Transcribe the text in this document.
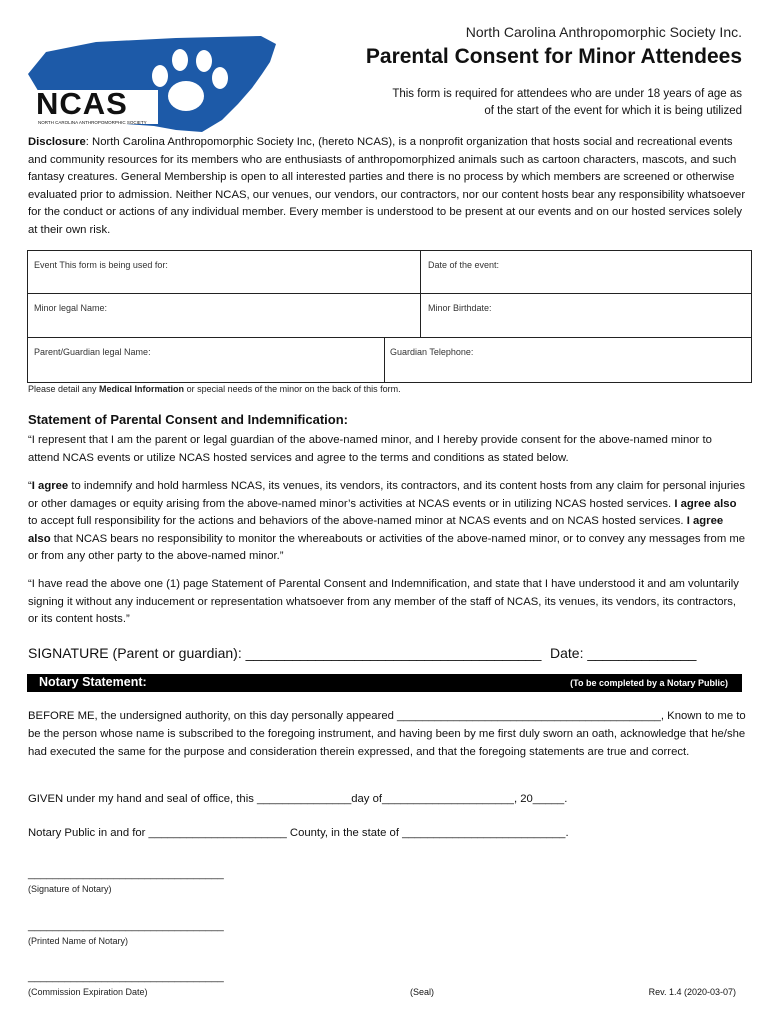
NCAS
NORTH CAROLINA ANTHROPOMORPHIC SOCIETY
North Carolina Anthropomorphic Society Inc.
Parental Consent for Minor Attendees
This form is required for attendees who are under 18 years of age as
of the start of the event for which it is being utilized
Disclosure: North Carolina Anthropomorphic Society Inc, (hereto NCAS), is a nonprofit organization that hosts social and recreational events and community resources for its members who are enthusiasts of anthropomorphized animals such as cartoon characters, mascots, and such fantasy creatures. General Membership is open to all interested parties and there is no process by which members are screened or otherwise evaluated prior to admission. Neither NCAS, our venues, our vendors, our contractors, nor our content hosts bear any responsibility whatsoever for the conduct or actions of any individual member. Every member is understood to be present at our events and on our hosted services solely at their own risk.
Event This form is being used for:	Date of the event:
Minor legal Name:	Minor Birthdate:
Parent/Guardian legal Name:	Guardian Telephone:
Please detail any Medical Information or special needs of the minor on the back of this form.
Statement of Parental Consent and Indemnification:
“I represent that I am the parent or legal guardian of the above-named minor, and I hereby provide consent for the above-named minor to attend NCAS events or utilize NCAS hosted services and agree to the terms and conditions as stated below.
“I agree to indemnify and hold harmless NCAS, its venues, its vendors, its contractors, and its content hosts from any claim for personal injuries or other damages or equity arising from the above-named minor’s activities at NCAS events or in utilizing NCAS hosted services. I agree also to accept full responsibility for the actions and behaviors of the above-named minor at NCAS events and on NCAS hosted services. I agree also that NCAS bears no responsibility to monitor the whereabouts or activities of the above-named minor, or to convey any messages from me or from any other party to the above-named minor.”
“I have read the above one (1) page Statement of Parental Consent and Indemnification, and state that I have understood it and am voluntarily signing it without any inducement or representation whatsoever from any member of the staff of NCAS, its venues, its vendors, its contractors, or its content hosts.”
SIGNATURE (Parent or guardian): ______________________________________ Date: ______________
Notary Statement:	(To be completed by a Notary Public)
BEFORE ME, the undersigned authority, on this day personally appeared __________________________________________, Known to me to be the person whose name is subscribed to the foregoing instrument, and having been by me first duly sworn an oath, acknowledge that he/she had executed the same for the purpose and consideration therein expressed, and that the foregoing statements are true and correct.
GIVEN under my hand and seal of office, this _______________day of_____________________, 20_____.
Notary Public in and for ______________________ County, in the state of __________________________.
________________________________
(Signature of Notary)
________________________________
(Printed Name of Notary)
________________________________
(Commission Expiration Date)	(Seal)	Rev. 1.4 (2020-03-07)
